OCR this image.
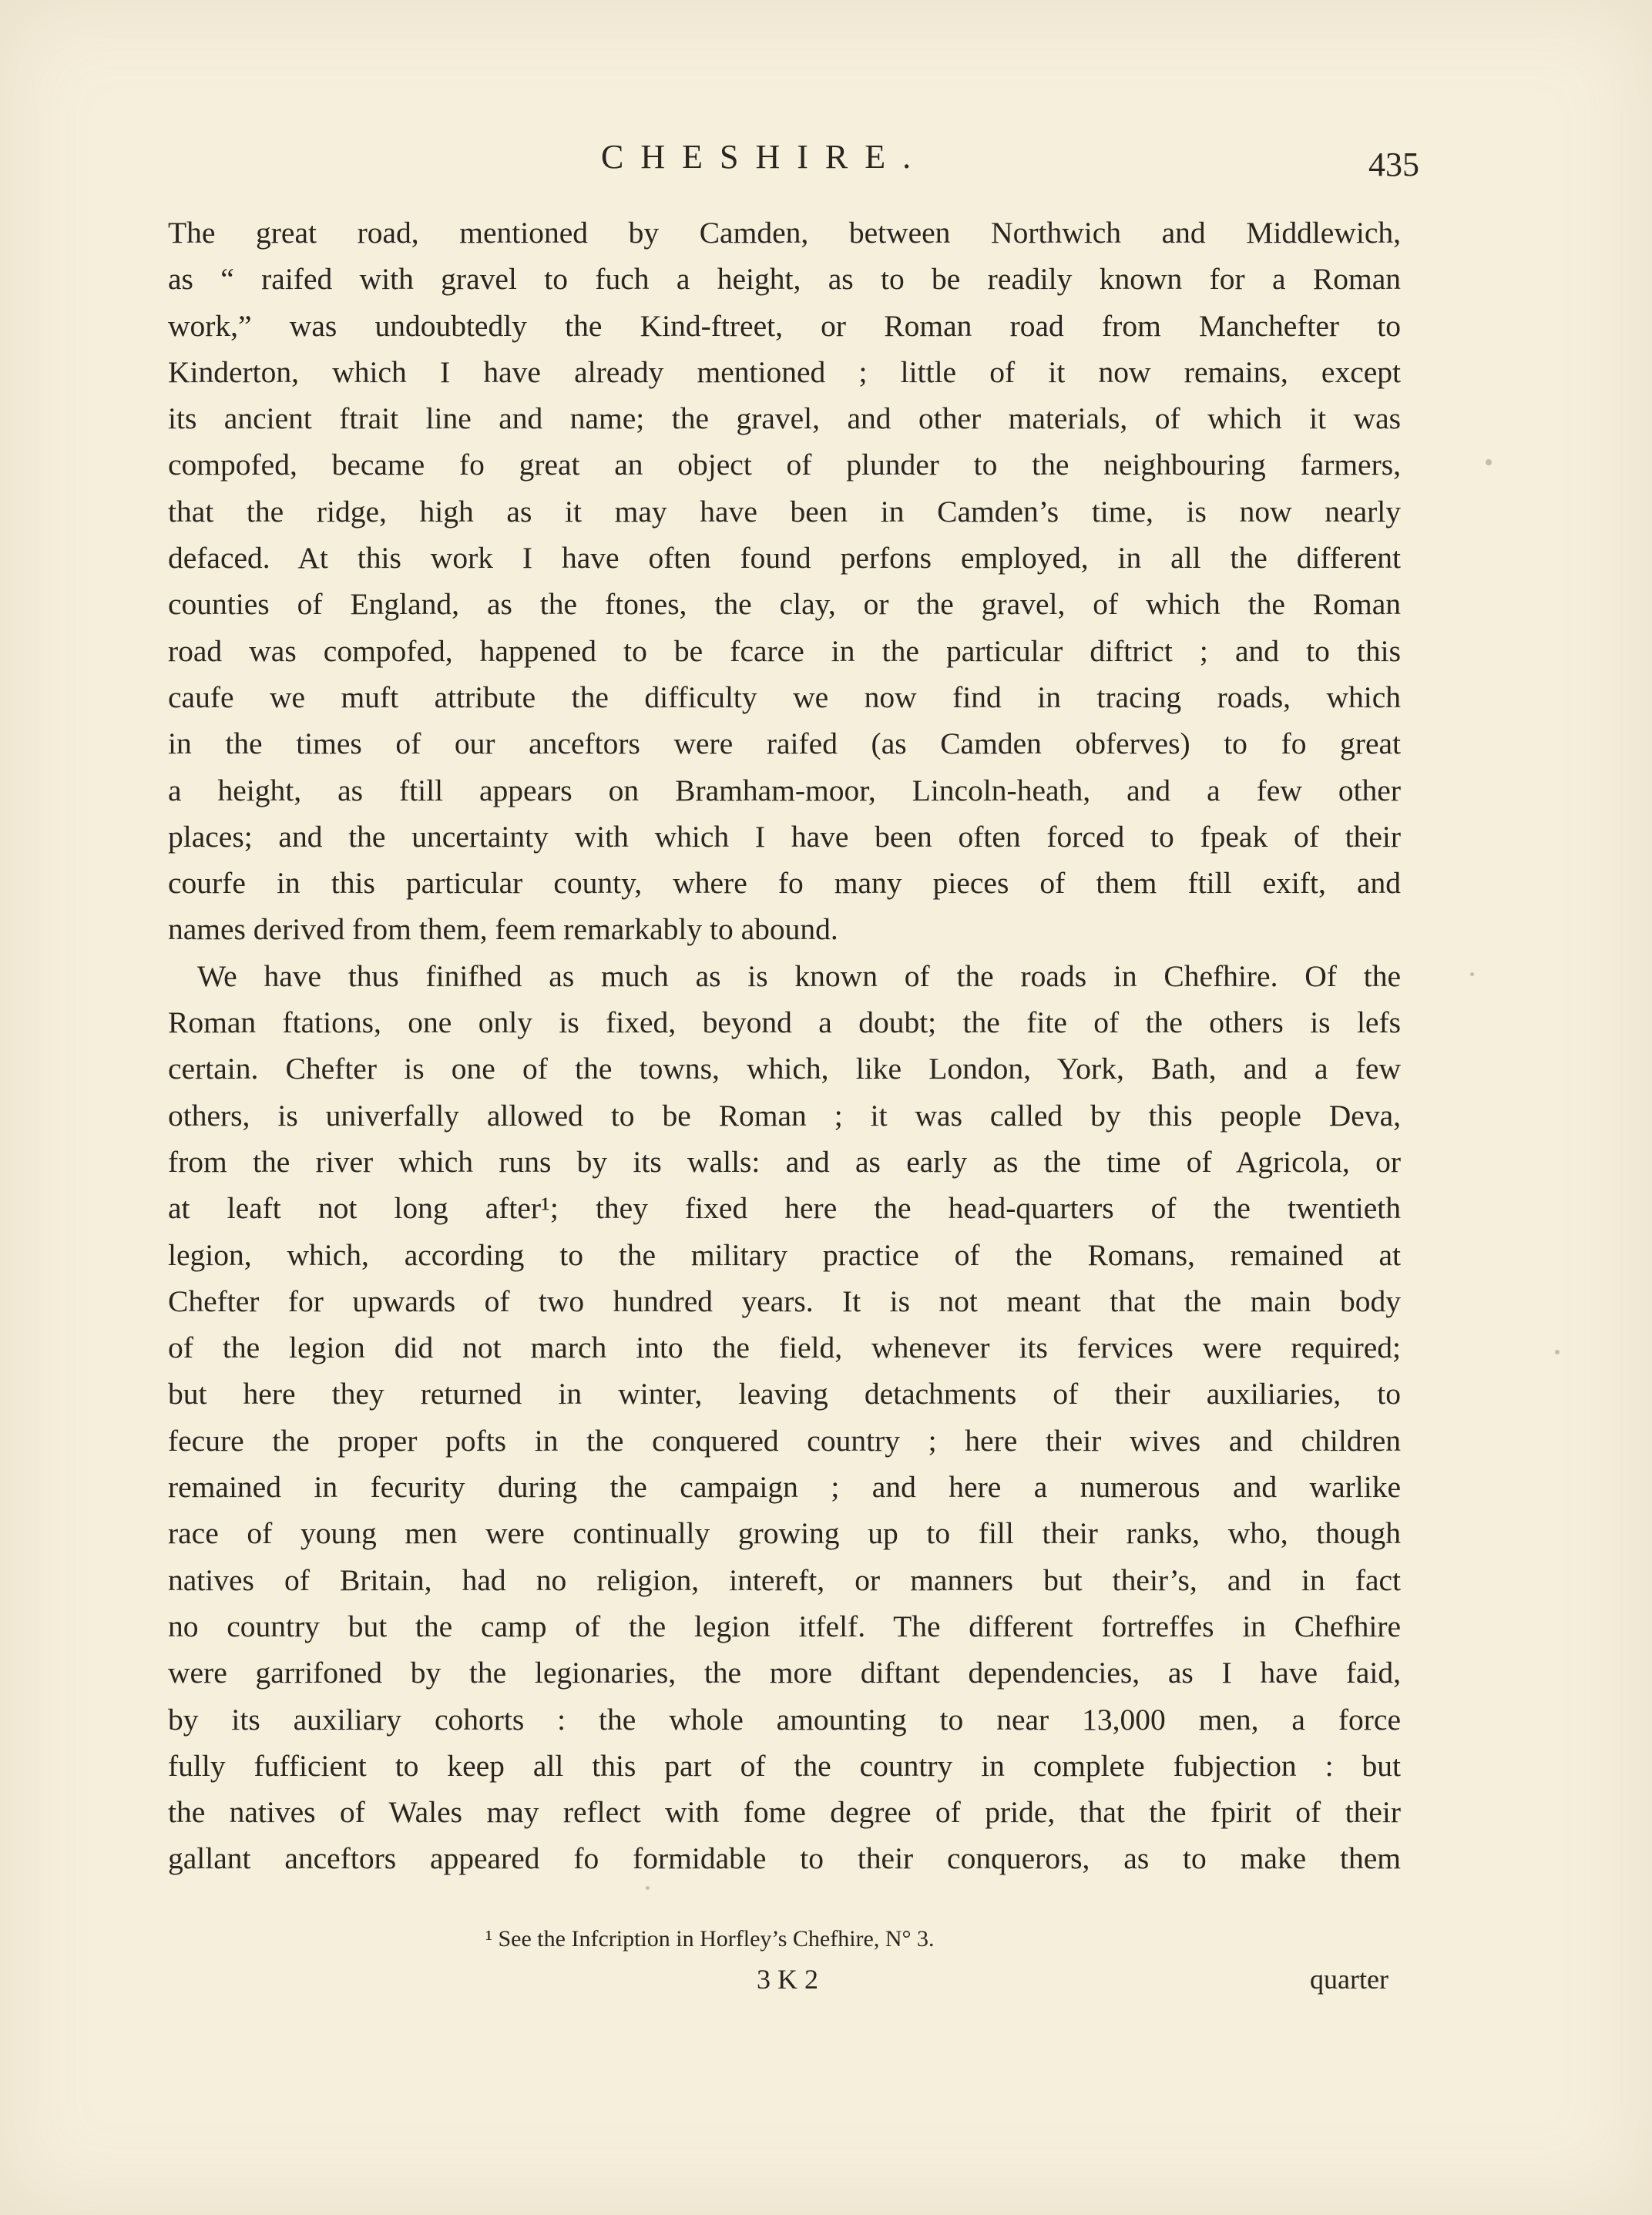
CHESHIRE.	435
The great road, mentioned by Camden, between Northwich and Middlewich,
as “ raifed with gravel to fuch a height, as to be readily known for a Roman
work,” was undoubtedly the Kind-ftreet, or Roman road from Manchefter to
Kinderton, which I have already mentioned ; little of it now remains, except
its ancient ftrait line and name; the gravel, and other materials, of which it was
compofed, became fo great an object of plunder to the neighbouring farmers,
that the ridge, high as it may have been in Camden’s time, is now nearly
defaced. At this work I have often found perfons employed, in all the different
counties of England, as the ftones, the clay, or the gravel, of which the Roman
road was compofed, happened to be fcarce in the particular diftrict ; and to this
caufe we muft attribute the difficulty we now find in tracing roads, which
in the times of our anceftors were raifed (as Camden obferves) to fo great
a height, as ftill appears on Bramham-moor, Lincoln-heath, and a few other
places; and the uncertainty with which I have been often forced to fpeak of their
courfe in this particular county, where fo many pieces of them ftill exift, and
names derived from them, feem remarkably to abound.
We have thus finifhed as much as is known of the roads in Chefhire. Of the
Roman ftations, one only is fixed, beyond a doubt; the fite of the others is lefs
certain. Chefter is one of the towns, which, like London, York, Bath, and a few
others, is univerfally allowed to be Roman ; it was called by this people Deva,
from the river which runs by its walls: and as early as the time of Agricola, or
at leaft not long after¹; they fixed here the head-quarters of the twentieth
legion, which, according to the military practice of the Romans, remained at
Chefter for upwards of two hundred years. It is not meant that the main body
of the legion did not march into the field, whenever its fervices were required;
but here they returned in winter, leaving detachments of their auxiliaries, to
fecure the proper pofts in the conquered country ; here their wives and children
remained in fecurity during the campaign ; and here a numerous and warlike
race of young men were continually growing up to fill their ranks, who, though
natives of Britain, had no religion, intereft, or manners but their’s, and in fact
no country but the camp of the legion itfelf. The different fortreffes in Chefhire
were garrifoned by the legionaries, the more diftant dependencies, as I have faid,
by its auxiliary cohorts : the whole amounting to near 13,000 men, a force
fully fufficient to keep all this part of the country in complete fubjection : but
the natives of Wales may reflect with fome degree of pride, that the fpirit of their
gallant anceftors appeared fo formidable to their conquerors, as to make them
¹ See the Infcription in Horfley’s Chefhire, N° 3.
3 K 2	quarter
